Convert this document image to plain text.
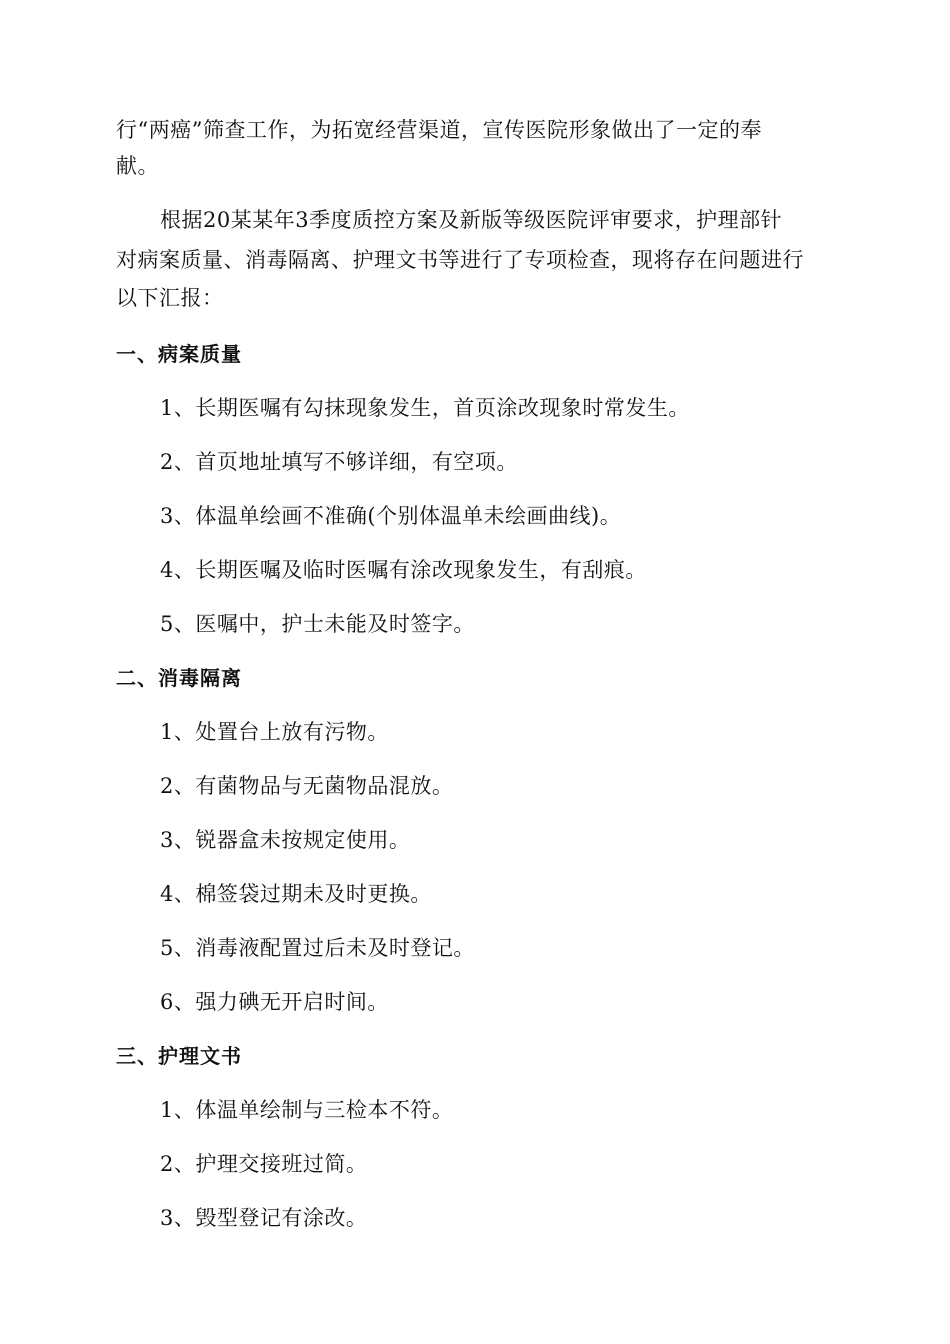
行“两癌”筛查工作，为拓宽经营渠道，宣传医院形象做出了一定的奉
献。
根据20某某年3季度质控方案及新版等级医院评审要求，护理部针
对病案质量、消毒隔离、护理文书等进行了专项检查，现将存在问题进行
以下汇报：
一、病案质量
1、长期医嘱有勾抹现象发生，首页涂改现象时常发生。
2、首页地址填写不够详细，有空项。
3、体温单绘画不准确(个别体温单未绘画曲线)。
4、长期医嘱及临时医嘱有涂改现象发生，有刮痕。
5、医嘱中，护士未能及时签字。
二、消毒隔离
1、处置台上放有污物。
2、有菌物品与无菌物品混放。
3、锐器盒未按规定使用。
4、棉签袋过期未及时更换。
5、消毒液配置过后未及时登记。
6、强力碘无开启时间。
三、护理文书
1、体温单绘制与三检本不符。
2、护理交接班过简。
3、毁型登记有涂改。
